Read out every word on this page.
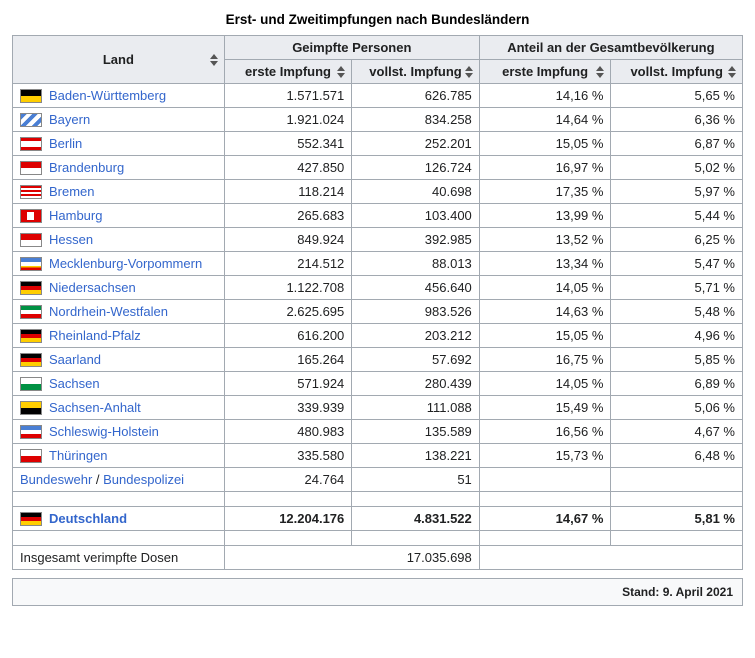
Erst- und Zweitimpfungen nach Bundesländern
Land	Geimpfte Personen		Anteil an der Gesamtbevölkerung	
	erste Impfung	vollst. Impfung	erste Impfung	vollst. Impfung

Baden-Württemberg	1.571.571	626.785	14,16 %	5,65 %
Bayern	1.921.024	834.258	14,64 %	6,36 %
Berlin	552.341	252.201	15,05 %	6,87 %
Brandenburg	427.850	126.724	16,97 %	5,02 %
Bremen	118.214	40.698	17,35 %	5,97 %
Hamburg	265.683	103.400	13,99 %	5,44 %
Hessen	849.924	392.985	13,52 %	6,25 %
Mecklenburg-Vorpommern	214.512	88.013	13,34 %	5,47 %
Niedersachsen	1.122.708	456.640	14,05 %	5,71 %
Nordrhein-Westfalen	2.625.695	983.526	14,63 %	5,48 %
Rheinland-Pfalz	616.200	203.212	15,05 %	4,96 %
Saarland	165.264	57.692	16,75 %	5,85 %
Sachsen	571.924	280.439	14,05 %	6,89 %
Sachsen-Anhalt	339.939	111.088	15,49 %	5,06 %
Schleswig-Holstein	480.983	135.589	16,56 %	4,67 %
Thüringen	335.580	138.221	15,73 %	6,48 %
Bundeswehr / Bundespolizei	24.764	51		

Deutschland	12.204.176	4.831.522	14,67 %	5,81 %

Insgesamt verimpfte Dosen	17.035.698			
Stand: 9. April 2021
